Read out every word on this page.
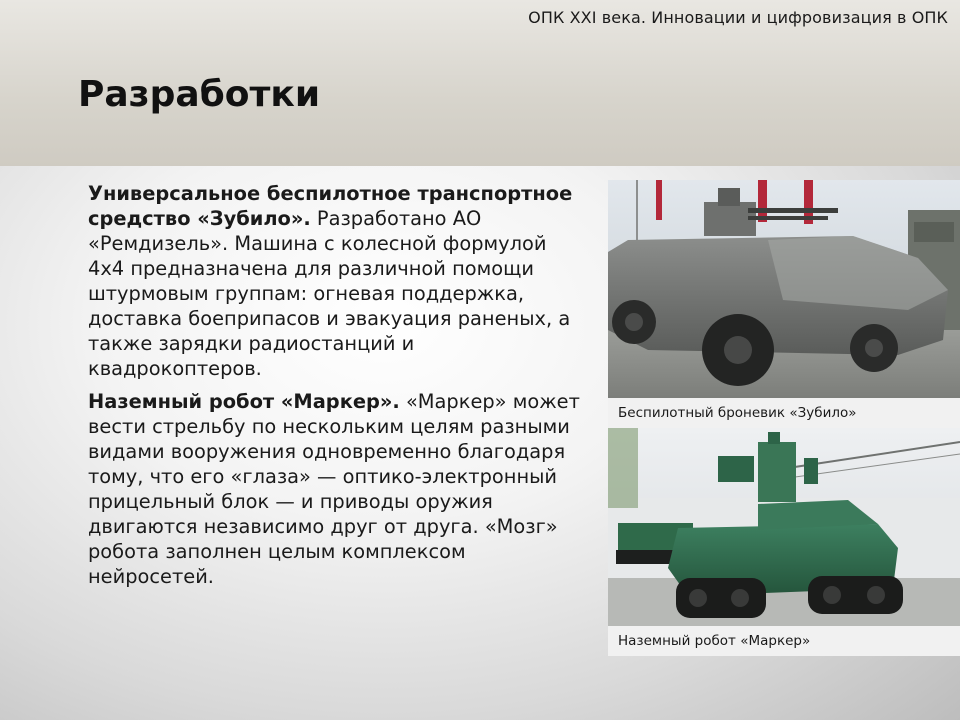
ОПК XXI века. Инновации и цифровизация в ОПК
Разработки

Универсальное беспилотное транспортное средство «Зубило». Разработано АО «Ремдизель». Машина с колесной формулой 4х4 предназначена для различной помощи штурмовым группам: огневая поддержка, доставка боеприпасов и эвакуация раненых, а также зарядки радиостанций и квадрокоптеров.

Наземный робот «Маркер». «Маркер» может вести стрельбу по нескольким целям разными видами вооружения одновременно благодаря тому, что его «глаза» — оптико-электронный прицельный блок — и приводы оружия двигаются независимо друг от друга. «Мозг» робота заполнен целым комплексом нейросетей.

Беспилотный броневик «Зубило»
Наземный робот «Маркер»
